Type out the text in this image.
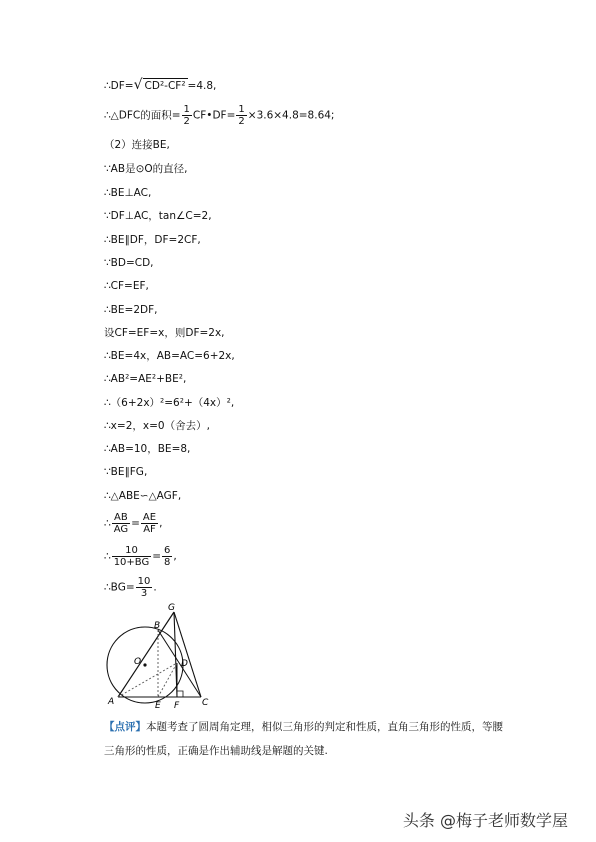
∴DF=√ CD²-CF² =4.8,
∴△DFC的面积= $\frac{1}{2}$ CF•DF= $\frac{1}{2} \times 3.6\times 4.8=8.64$;
（2）连接BE,
∵AB是⊙O的直径,
∴BE⊥AC,
∵DF⊥AC，tan∠C=2,
∴BE∥DF，DF=2CF,
∵BD=CD,
∴CF=EF,
∴BE=2DF,
设CF=EF=x，则DF=2x,
∴BE=4x，AB=AC=6+2x,
∴AB²=AE²+BE²,
∴（6+2x）²=6²+（4x）²,
∴x=2，x=0（舍去）,
∴AB=10，BE=8,
∵BE∥FG,
∴△ABE∽△AGF,
∴ $\frac{AB}{AG} = \frac{AE}{AF}$ ,
∴ $\frac{10}{10+BG} = \frac{6}{8}$ ,
∴BG= $\frac{10}{3}$ .
G
B
O	D
A	E F	C
【点评】本题考查了圆周角定理，相似三角形的判定和性质，直角三角形的性质，等腰三角形的性质，正确是作出辅助线是解题的关键.
头条 @梅子老师数学屋
